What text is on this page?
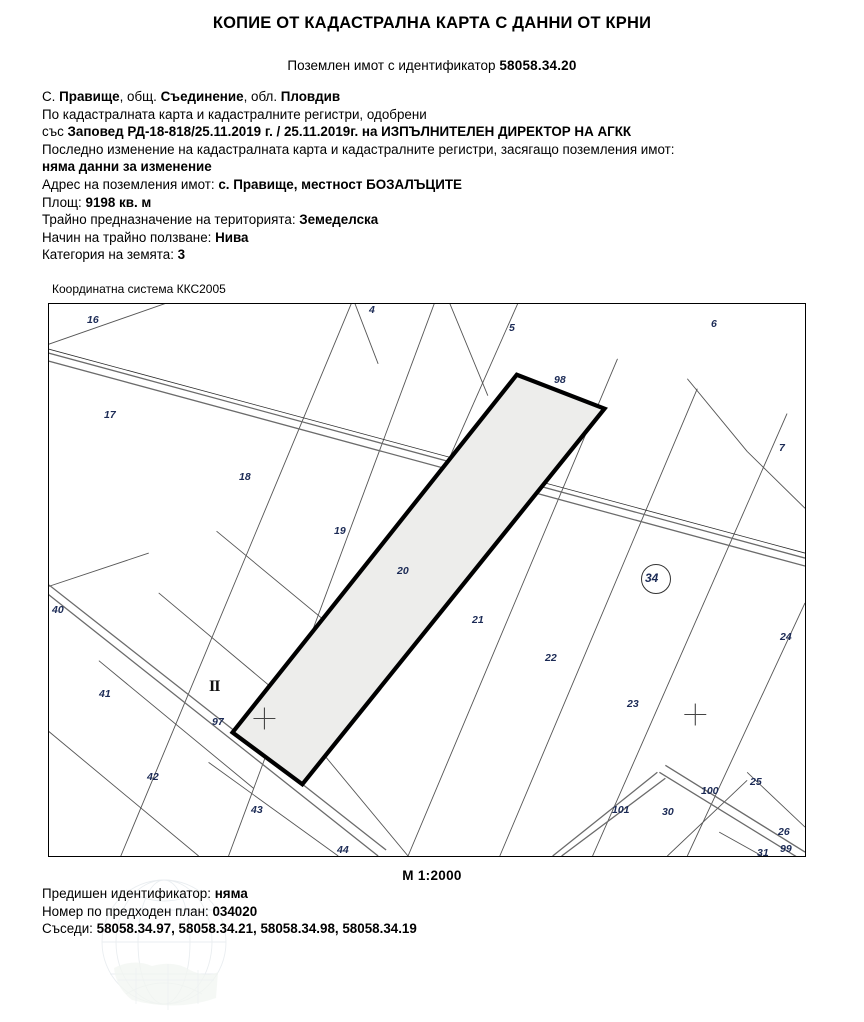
КОПИЕ ОТ КАДАСТРАЛНА КАРТА С ДАННИ ОТ КРНИ
Поземлен имот с идентификатор 58058.34.20
С. Правище, общ. Съединение, обл. Пловдив
По кадастралната карта и кадастралните регистри, одобрени
със Заповед РД-18-818/25.11.2019 г. / 25.11.2019г. на ИЗПЪЛНИТЕЛЕН ДИРЕКТОР НА АГКК
Последно изменение на кадастралната карта и кадастралните регистри, засягащо поземления имот:
няма данни за изменение
Адрес на поземления имот: с. Правище, местност БОЗАЛЪЦИТЕ
Площ: 9198 кв. м
Трайно предназначение на територията: Земеделска
Начин на трайно ползване: Нива
Категория на земята: 3
Координатна система ККС2005
II
16
4
5	6
17
18
98
7
19
20
21
22
34
40
41
97
23
24
42
43
44
101	30
100
25
26
31 99
M 1:2000
Предишен идентификатор: няма
Номер по предходен план: 034020
Съседи: 58058.34.97, 58058.34.21, 58058.34.98, 58058.34.19
